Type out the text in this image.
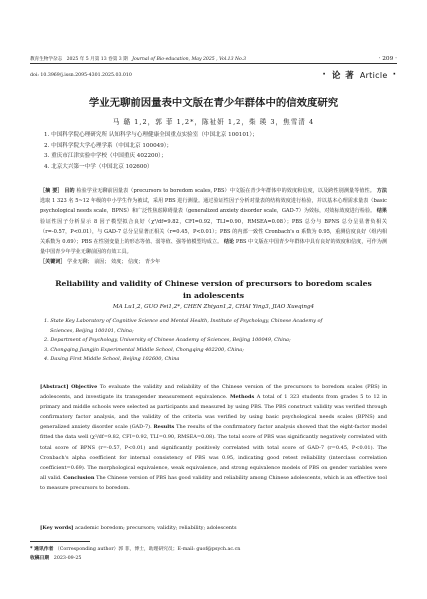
教育生物学杂志 2025 年 5 月第 13 卷第 3 期 Journal of Bio-education, May 2025 , Vol.13 No.3	· 209 ·
doi: 10.3969/j.issn.2095-4301.2025.03.010	· 论 著 Article ·
学业无聊前因量表中文版在青少年群体中的信效度研究
马 璐 1,2，郭 菲 1,2*，陈祉妍 1,2，柴 瑛 3，焦雪清 4
1. 中国科学院心理研究所 认知科学与心理健康全国重点实验室（中国北京 100101）；
2. 中国科学院大学心理学系（中国北京 100049）；
3. 重庆市江津实验中学校（中国重庆 402200）；
4. 北京大兴第一中学（中国北京 102600）
［摘 要］ 目的 检验学业无聊前因量表（precursors to boredom scales, PBS）中文版在青少年群体中的效度和信度，以及跨性别测量等值性。 方法 选取 1 323 名 5~12 年级的中小学生作为被试，采用 PBS 进行测量。通过验证性因子分析对量表的结构效度进行检验，并以基本心理需求量表（basic psychological needs scale，BPNS）和广泛性焦虑障碍量表（generalized anxiety disorder scale，GAD-7）为效标，对效标效度进行检验。 结果 验证性因子分析显示 8 因子模型拟合良好（χ²/df=9.82，CFI=0.92，TLI=0.90，RMSEA=0.08）；PBS 总分与 BPNS 总分呈显著负相关（r=-0.57，P<0.01），与 GAD-7 总分呈显著正相关（r=0.45，P<0.01）；PBS 的内部一致性 Cronbach's α 系数为 0.95，重测信度良好（组内相关系数为 0.69）；PBS 在性别变量上的形态等值、弱等值、强等值模型均成立。 结论 PBS 中文版在中国青少年群体中具有良好的效度和信度，可作为测量中国青少年学业无聊前因的有效工具。
［关键词］ 学业无聊； 前因； 效度； 信度； 青少年
Reliability and validity of Chinese version of precursors to boredom scales
in adolescents
MA Lu1,2, GUO Fei1,2*, CHEN Zhiyan1,2, CHAI Ying3, JIAO Xueqing4
1. State Key Laboratory of Cognitive Science and Mental Health, Institute of Psychology, Chinese Academy of
Sciences, Beijing 100101, China;
2. Department of Psychology, University of Chinese Academy of Sciences, Beijing 100049, China;
3. Chongqing Jiangjin Experimental Middle School, Chongqing 402200, China;
4. Daxing First Middle School, Beijing 102600, China
[Abstract] Objective To evaluate the validity and reliability of the Chinese version of the precursors to boredom scales (PBS) in adolescents, and investigate its transgender measurement equivalence. Methods A total of 1 323 students from grades 5 to 12 in primary and middle schools were selected as participants and measured by using PBS. The PBS construct validity was verified through confirmatory factor analysis, and the validity of the criteria was verified by using basic psychological needs scales (BPNS) and generalized anxiety disorder scale (GAD-7). Results The results of the confirmatory factor analysis showed that the eight-factor model fitted the data well (χ²/df=9.82, CFI=0.92, TLI=0.90, RMSEA=0.08). The total score of PBS was significantly negatively correlated with total score of BPNS (r=-0.57, P<0.01) and significantly positively correlated with total score of GAD-7 (r=0.45, P<0.01). The Cronbach's alpha coefficient for internal consistency of PBS was 0.95, indicating good retest reliability (interclass correlation coefficient=0.69). The morphological equivalence, weak equivalence, and strong equivalence models of PBS on gender variables were all valid. Conclusion The Chinese version of PBS has good validity and reliability among Chinese adolescents, which is an effective tool to measure precursors to boredom.
[Key words] academic boredom; precursors; validity; reliability; adolescents
* 通讯作者 （Corresponding author）郭 菲，博士，助理研究员；E-mail: guof@psych.ac.cn
收稿日期 2023-09-25
